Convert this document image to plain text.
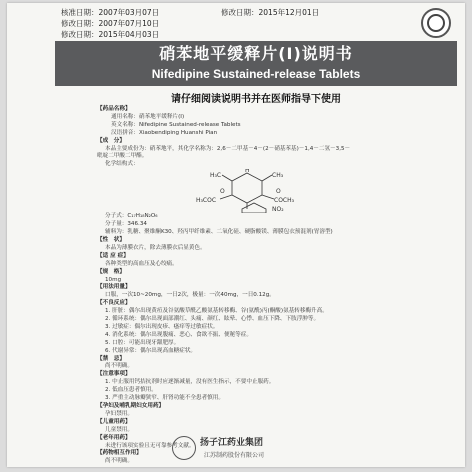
核准日期：2007年03月07日
修改日期：2007年07月10日
修改日期：2015年04月03日
修改日期：2015年12月01日
硝苯地平缓释片(I)说明书
Nifedipine Sustained-release Tablets
请仔细阅读说明书并在医师指导下使用
【药品名称】
通用名称：硝苯地平缓释片(I)
英文名称：Nifedipine Sustained-release Tablets
汉语拼音：Xiaobendiping Huanshi Pian
【成　分】
本品主要成份为：硝苯地平，其化学名称为：2,6－二甲基－4－(2－硝基苯基)－1,4－二氢－3,5－
吡啶二甲酸二甲酯。
化学结构式：
H₃C	CH₃
H₃COC	COCH₃
H
NO₂
O	O
分子式：C₁₇H₁₈N₂O₆
分子量：346.34
辅料为：乳糖、聚维酮K30、羟丙甲纤维素、二氧化硅、硬脂酸镁、薄膜包衣预混剂(胃溶型)
【性　状】
本品为薄膜衣片，除去薄膜衣后显黄色。
【适 应 症】
各种类型的高血压及心绞痛。
【规　格】
10mg
【用法用量】
口服，一次10~20mg，一日2次，极量：一次40mg，一日0.12g。
【不良反应】
1. 肝脏：偶尔出现黄疸及谷氨酸草酰乙酸氨基转移酶、谷(氨酰)丙(酮酸)氨基转移酶升高。
2. 循环系统：偶尔出现面部潮红、头痛、颜红、眩晕、心悸、血压下降、下肢浮肿等。
3. 过敏症：偶尔出现皮疹、瘙痒等过敏症状。
4. 消化系统：偶尔出现腹痛、恶心、食欲不振、便秘等症。
5. 口腔：可能出现牙龈肥厚。
6. 代谢异常：偶尔出现高血糖症状。
【禁　忌】
尚不明确。
【注意事项】
1. 中止服用钙拮抗剂时应逐渐减量，没有医生指示，不要中止服药。
2. 低血压患者慎用。
3. 严重主动脉瓣狭窄、肝肾功能不全患者慎用。
【孕妇及哺乳期妇女用药】
孕妇禁用。
【儿童用药】
儿童禁用。
【老年用药】
未进行该项实验且无可靠参考文献。
【药物相互作用】
尚不明确。
扬子江药业集团
江苏制药股份有限公司
